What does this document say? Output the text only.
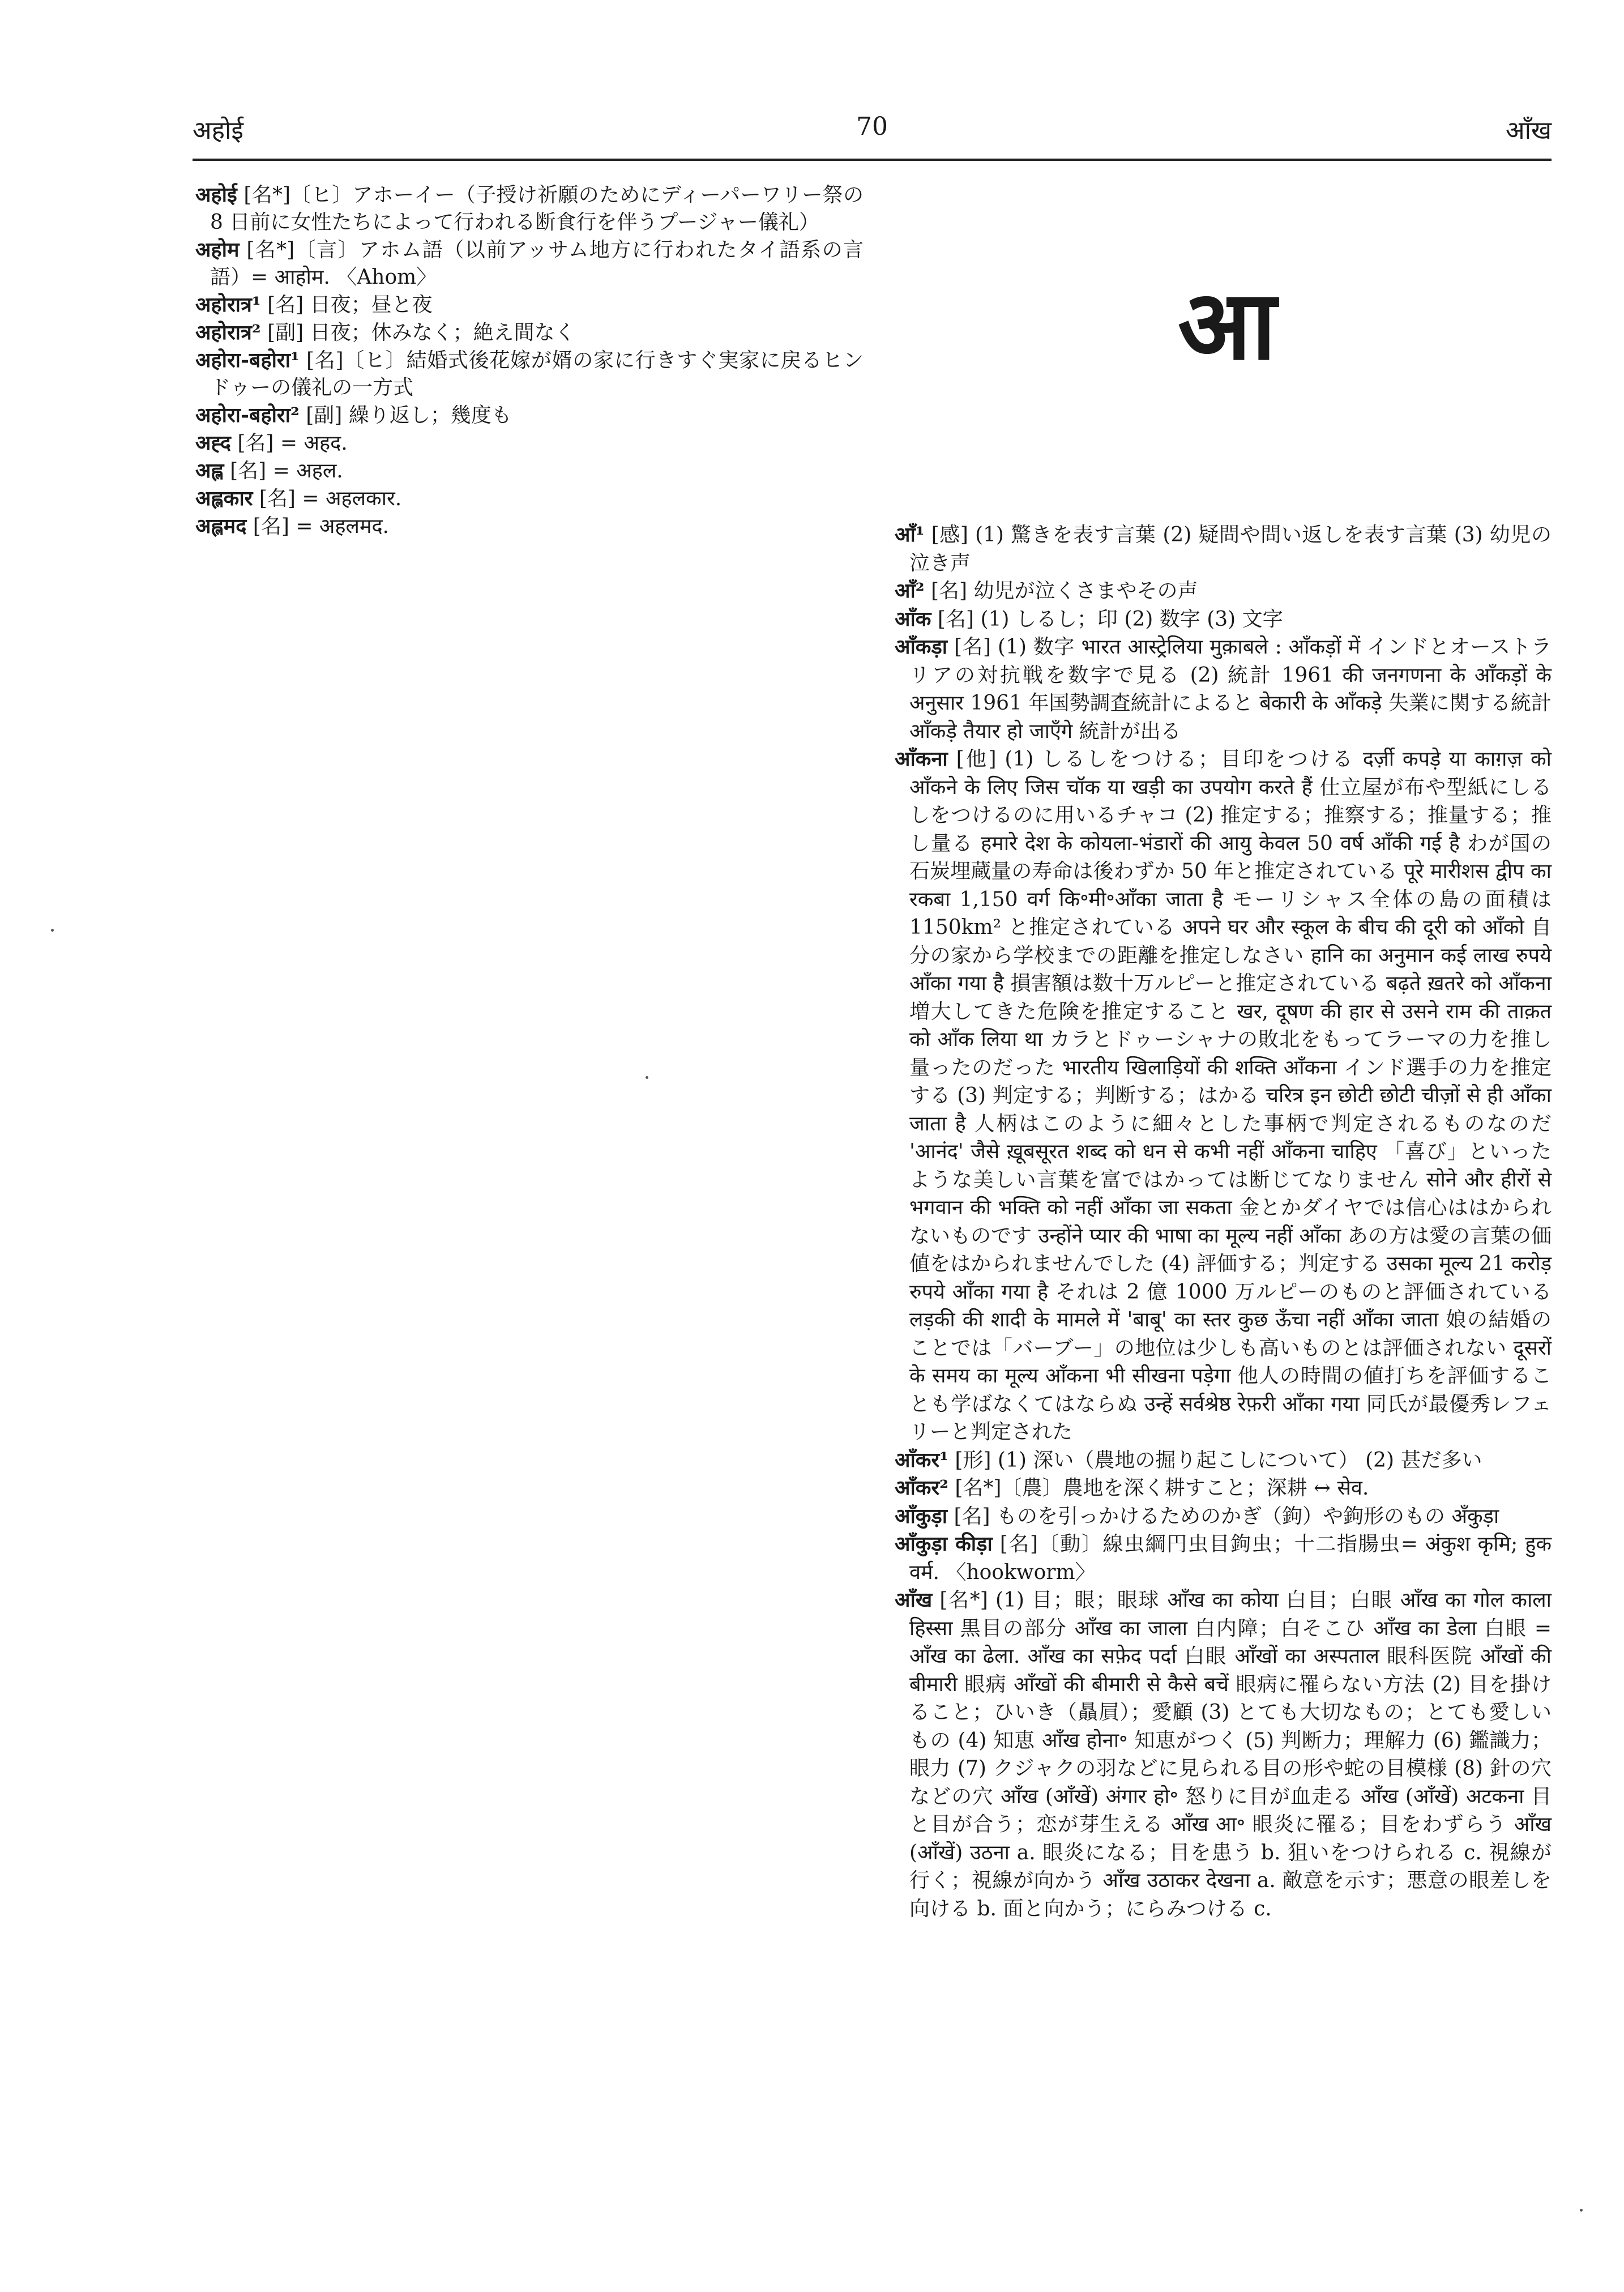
अहोई	70	आँख

अहोई [名*]〔ヒ〕アホーイー（子授け祈願のためにディーパーワリー祭の 8 日前に女性たちによって行われる断食行を伴うプージャー儀礼）

अहोम [名*]〔言〕アホム語（以前アッサム地方に行われたタイ語系の言語）= आहोम. 〈Ahom〉

अहोरात्र¹ [名] 日夜；昼と夜

अहोरात्र² [副] 日夜；休みなく；絶え間なく

अहोरा-बहोरा¹ [名]〔ヒ〕結婚式後花嫁が婿の家に行きすぐ実家に戻るヒンドゥーの儀礼の一方式

अहोरा-बहोरा² [副] 繰り返し；幾度も

अह्द [名] = अहद.

अह्ल [名] = अहल.

अह्लकार [名] = अहलकार.

अह्लमद [名] = अहलमद.

आ

आँ¹ [感] (1) 驚きを表す言葉 (2) 疑問や問い返しを表す言葉 (3) 幼児の泣き声

आँ² [名] 幼児が泣くさまやその声

आँक [名] (1) しるし；印 (2) 数字 (3) 文字

आँकड़ा [名] (1) 数字 भारत आस्ट्रेलिया मुक़ाबले : आँकड़ों में インドとオーストラリアの対抗戦を数字で見る (2) 統計 1961 की जनगणना के आँकड़ों के अनुसार 1961 年国勢調査統計によると बेकारी के आँकड़े 失業に関する統計 आँकड़े तैयार हो जाएँगे 統計が出る

आँकना [他] (1) しるしをつける；目印をつける दर्ज़ी कपड़े या काग़ज़ को आँकने के लिए जिस चॉक या खड़ी का उपयोग करते हैं 仕立屋が布や型紙にしるしをつけるのに用いるチャコ (2) 推定する；推察する；推量する；推し量る हमारे देश के कोयला-भंडारों की आयु केवल 50 वर्ष आँकी गई है わが国の石炭埋蔵量の寿命は後わずか 50 年と推定されている पूरे मारीशस द्वीप का रकबा 1,150 वर्ग कि॰मी॰आँका जाता है モーリシャス全体の島の面積は 1150km² と推定されている अपने घर और स्कूल के बीच की दूरी को आँको 自分の家から学校までの距離を推定しなさい हानि का अनुमान कई लाख रुपये आँका गया है 損害額は数十万ルピーと推定されている बढ़ते ख़तरे को आँकना 増大してきた危険を推定すること खर, दूषण की हार से उसने राम की ताक़त को आँक लिया था カラとドゥーシャナの敗北をもってラーマの力を推し量ったのだった भारतीय खिलाड़ियों की शक्ति आँकना インド選手の力を推定する (3) 判定する；判断する；はかる चरित्र इन छोटी छोटी चीज़ों से ही आँका जाता है 人柄はこのように細々とした事柄で判定されるものなのだ 'आनंद' जैसे ख़ूबसूरत शब्द को धन से कभी नहीं आँकना चाहिए 「喜び」といったような美しい言葉を富ではかっては断じてなりません सोने और हीरों से भगवान की भक्ति को नहीं आँका जा सकता 金とかダイヤでは信心ははかられないものです उन्होंने प्यार की भाषा का मूल्य नहीं आँका あの方は愛の言葉の価値をはかられませんでした (4) 評価する；判定する उसका मूल्य 21 करोड़ रुपये आँका गया है それは 2 億 1000 万ルピーのものと評価されている लड़की की शादी के मामले में 'बाबू' का स्तर कुछ ऊँचा नहीं आँका जाता 娘の結婚のことでは「バーブー」の地位は少しも高いものとは評価されない दूसरों के समय का मूल्य आँकना भी सीखना पड़ेगा 他人の時間の値打ちを評価することも学ばなくてはならぬ उन्हें सर्वश्रेष्ठ रेफ़री आँका गया 同氏が最優秀レフェリーと判定された

आँकर¹ [形] (1) 深い（農地の掘り起こしについて） (2) 甚だ多い

आँकर² [名*]〔農〕農地を深く耕すこと；深耕 ↔ सेव.

आँकुड़ा [名] ものを引っかけるためのかぎ（鉤）や鉤形のもの अँकुड़ा

आँकुड़ा कीड़ा [名]〔動〕線虫綱円虫目鉤虫；十二指腸虫= अंकुश कृमि; हुक वर्म. 〈hookworm〉

आँख [名*] (1) 目；眼；眼球 आँख का कोया 白目；白眼 आँख का गोल काला हिस्सा 黒目の部分 आँख का जाला 白内障；白そこひ आँख का डेला 白眼 = आँख का ढेला. आँख का सफ़ेद पर्दा 白眼 आँखों का अस्पताल 眼科医院 आँखों की बीमारी 眼病 आँखों की बीमारी से कैसे बचें 眼病に罹らない方法 (2) 目を掛けること；ひいき（贔屓）；愛顧 (3) とても大切なもの；とても愛しいもの (4) 知恵 आँख होना॰ 知恵がつく (5) 判断力；理解力 (6) 鑑識力；眼力 (7) クジャクの羽などに見られる目の形や蛇の目模様 (8) 針の穴などの穴 आँख (आँखें) अंगार हो॰ 怒りに目が血走る आँख (आँखें) अटकना 目と目が合う；恋が芽生える आँख आ॰ 眼炎に罹る；目をわずらう आँख (आँखें) उठना a. 眼炎になる；目を患う b. 狙いをつけられる c. 視線が行く；視線が向かう आँख उठाकर देखना a. 敵意を示す；悪意の眼差しを向ける b. 面と向かう；にらみつける c.
